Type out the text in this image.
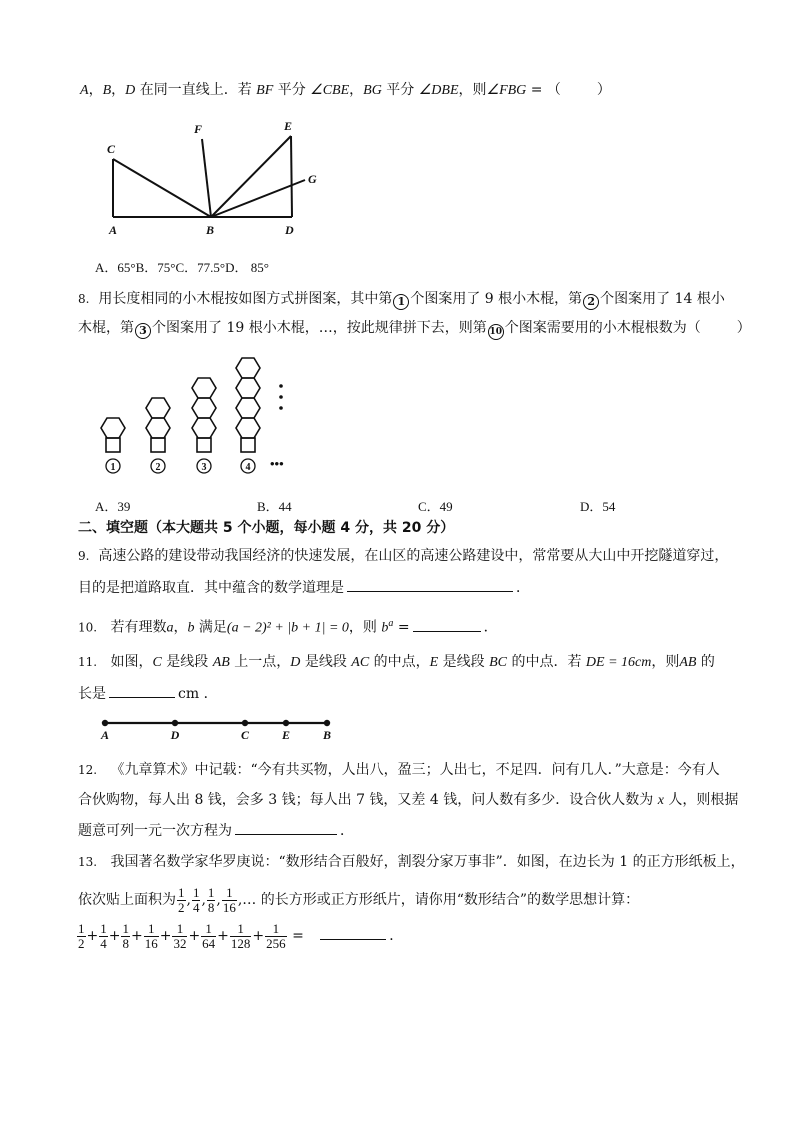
A，B，D 在同一直线上．若 BF 平分 ∠CBE，BG 平分 ∠DBE，则∠FBG = （	）
C
F	E
G
A	B	D
A．65°B．75°C．77.5°D． 85°
8. 用长度相同的小木棍按如图方式拼图案，其中第 1 个图案用了 9 根小木棍，第 2 个图案用了 14 根小
木棍，第 3 个图案用了 19 根小木棍，…，按此规律拼下去，则第 10 个图案需要用的小木棍根数为（	）
1	2	3	4 •••
A．39	B．44	C．49	D．54
二、填空题（本大题共 5 个小题，每小题 4 分，共 20 分）
9. 高速公路的建设带动我国经济的快速发展，在山区的高速公路建设中，常常要从大山中开挖隧道穿过，
目的是把道路取直．其中蕴含的数学道理是	．
10. 若有理数a，b 满足(a − 2)² + |b + 1| = 0，则 $b^a$ =	．
11. 如图，C 是线段 AB 上一点，D 是线段 AC 的中点，E 是线段 BC 的中点．若 DE = 16cm，则AB 的
长是	cm ．
A	D	C	E	B
12. 《九章算术》中记载：“今有共买物，人出八，盈三；人出七，不足四．问有几人．”大意是：今有人
合伙购物，每人出 8 钱，会多 3 钱；每人出 7 钱，又差 4 钱，问人数有多少．设合伙人数为 x 人，则根据
题意可列一元一次方程为	．
13. 我国著名数学家华罗庚说：“数形结合百般好，割裂分家万事非”．如图，在边长为 1 的正方形纸板上，
依次贴上面积为 $\frac{1}{2}$ , $\frac{1}{4}$ , $\frac{1}{8}$ , $\frac{1}{16}$ ,… 的长方形或正方形纸片，请你用“数形结合”的数学思想计算：
$\frac{1}{2} + \frac{1}{4} + \frac{1}{8} + \frac{1}{16} + \frac{1}{32} + \frac{1}{64} + \frac{1}{128} + \frac{1}{256}$ =	．
